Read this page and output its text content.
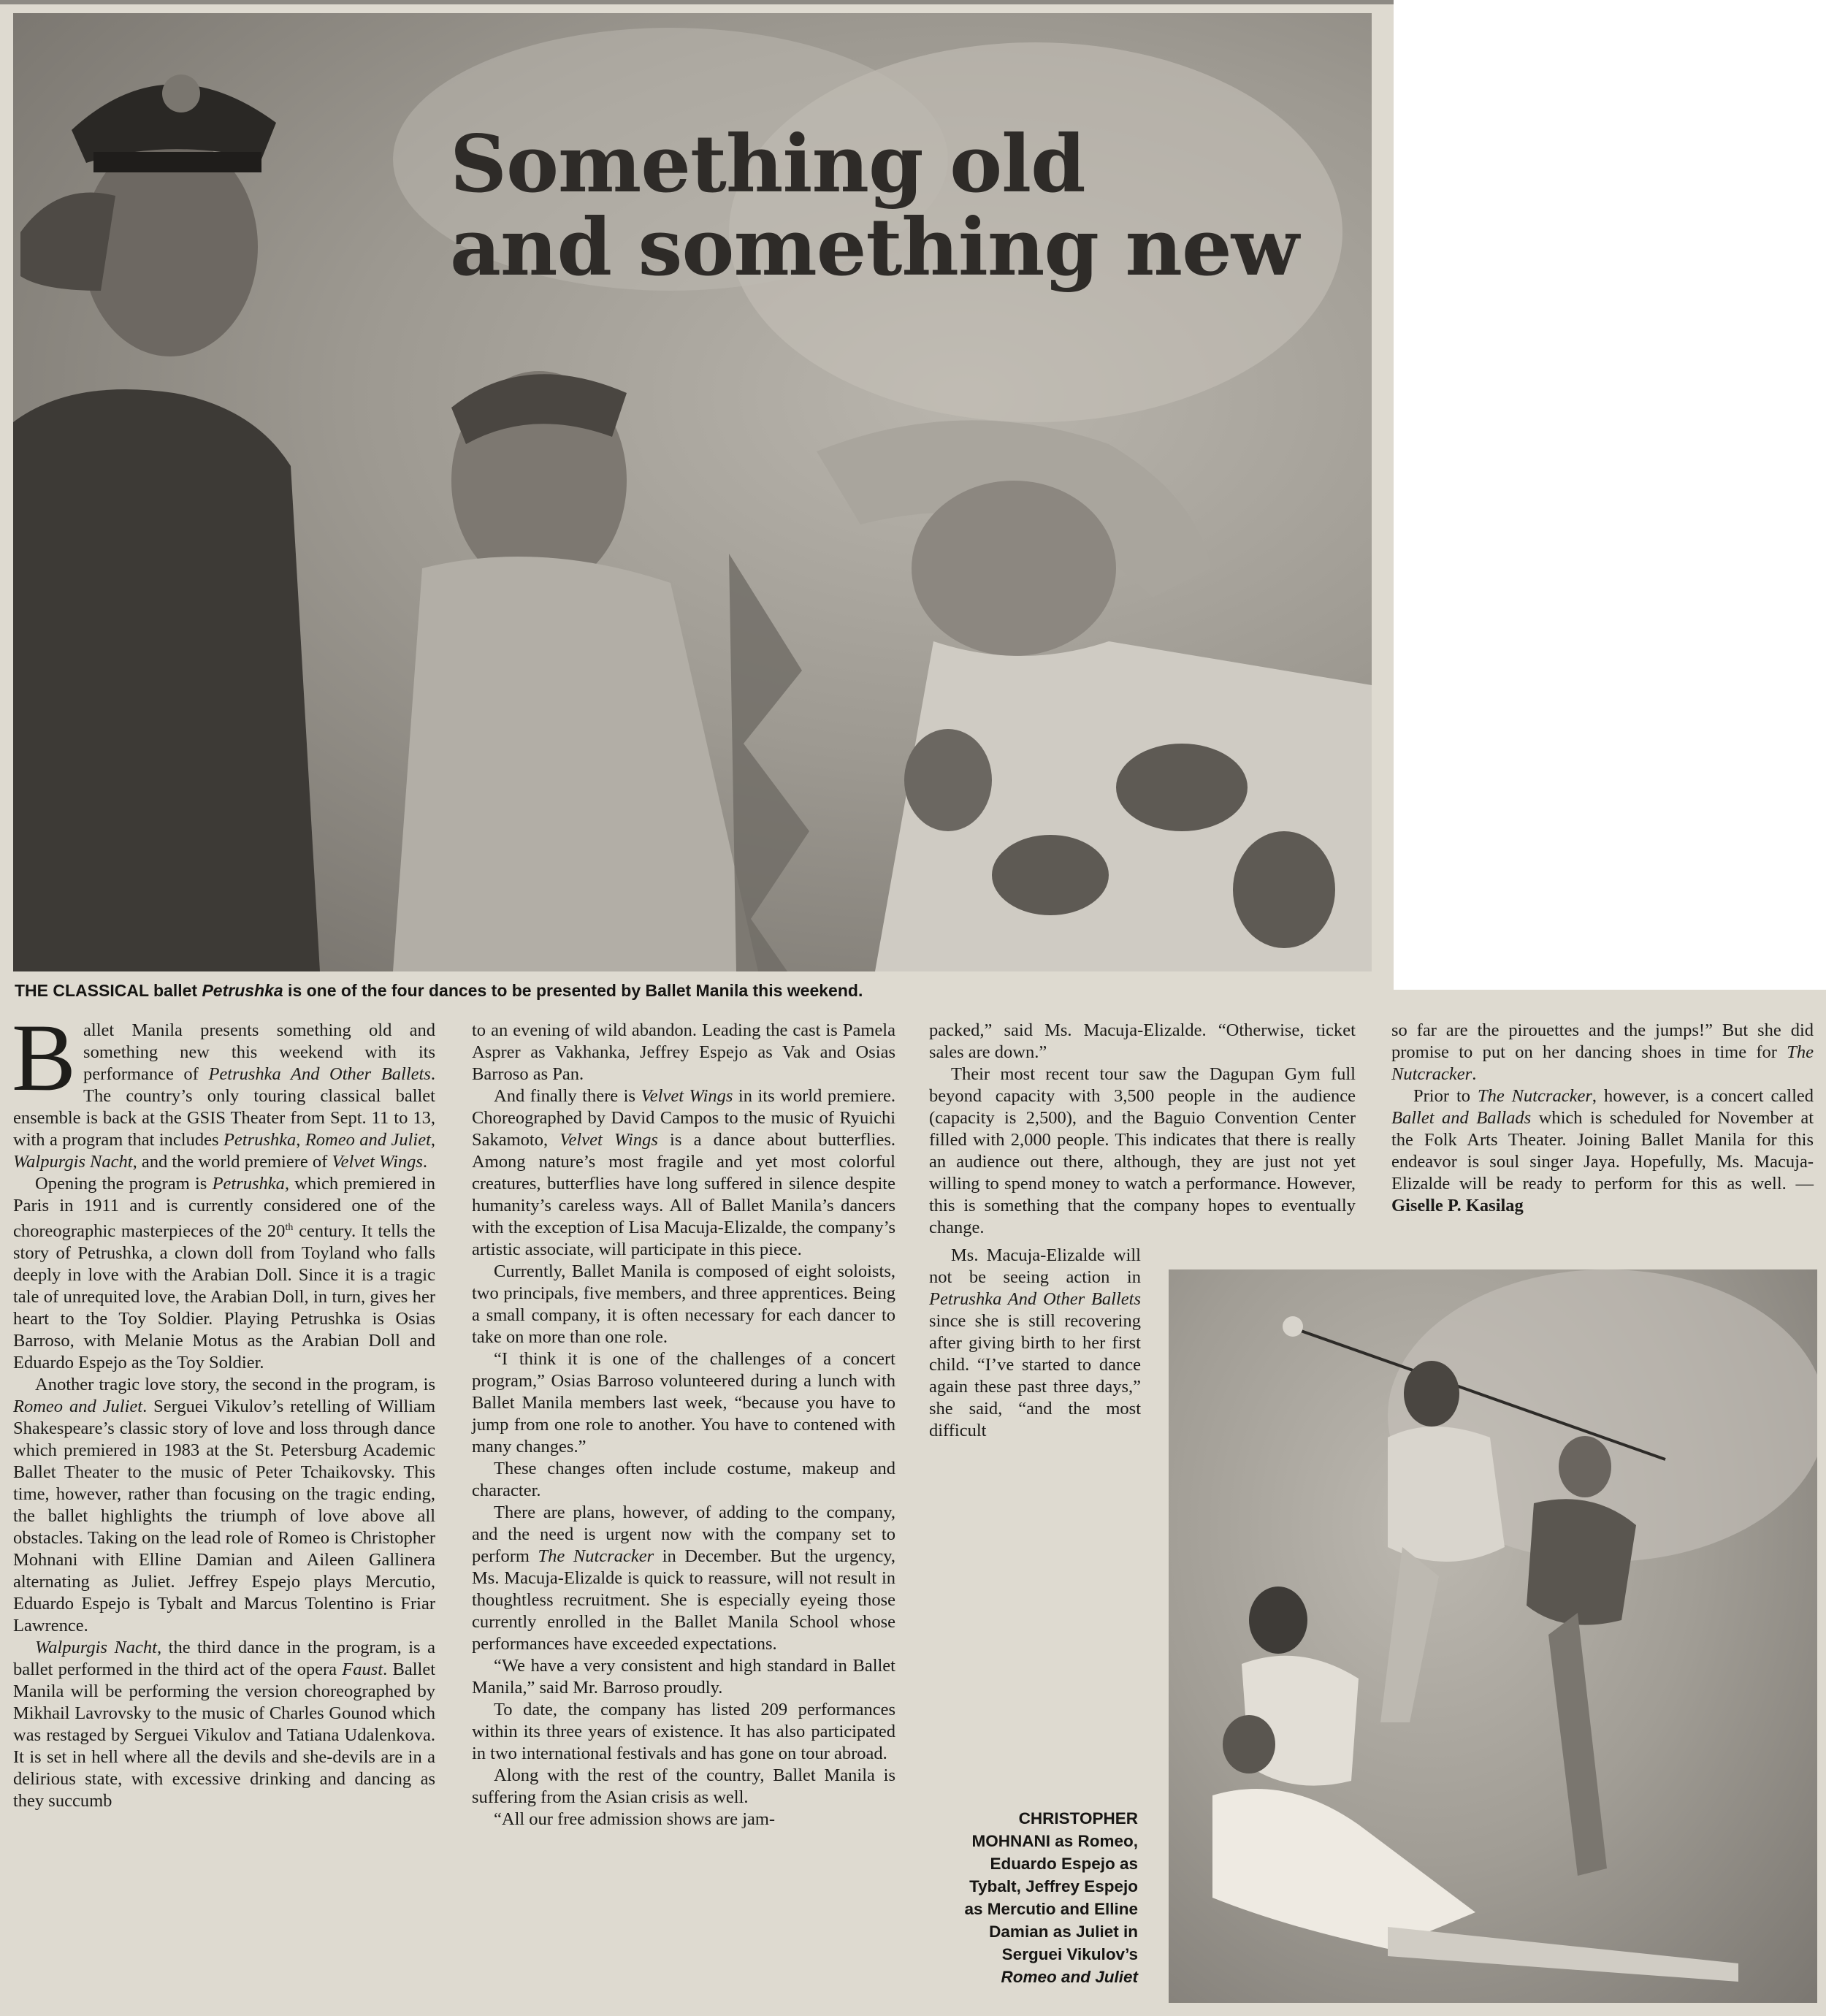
Something old
and something new
THE CLASSICAL ballet Petrushka is one of the four dances to be presented by Ballet Manila this weekend.

Ballet Manila presents something old and something new this weekend with its performance of Petrushka And Other Ballets. The country’s only touring classical ballet ensemble is back at the GSIS Theater from Sept. 11 to 13, with a program that includes Petrushka, Romeo and Juliet, Walpurgis Nacht, and the world premiere of Velvet Wings.

Opening the program is Petrushka, which premiered in Paris in 1911 and is currently considered one of the choreographic masterpieces of the 20th century. It tells the story of Petrushka, a clown doll from Toyland who falls deeply in love with the Arabian Doll. Since it is a tragic tale of unrequited love, the Arabian Doll, in turn, gives her heart to the Toy Soldier. Playing Petrushka is Osias Barroso, with Melanie Motus as the Arabian Doll and Eduardo Espejo as the Toy Soldier.

Another tragic love story, the second in the program, is Romeo and Juliet. Serguei Vikulov’s retelling of William Shakespeare’s classic story of love and loss through dance which premiered in 1983 at the St. Petersburg Academic Ballet Theater to the music of Peter Tchaikovsky. This time, however, rather than focusing on the tragic ending, the ballet highlights the triumph of love above all obstacles. Taking on the lead role of Romeo is Christopher Mohnani with Elline Damian and Aileen Gallinera alternating as Juliet. Jeffrey Espejo plays Mercutio, Eduardo Espejo is Tybalt and Marcus Tolentino is Friar Lawrence.

Walpurgis Nacht, the third dance in the program, is a ballet performed in the third act of the opera Faust. Ballet Manila will be performing the version choreographed by Mikhail Lavrovsky to the music of Charles Gounod which was restaged by Serguei Vikulov and Tatiana Udalenkova. It is set in hell where all the devils and she-devils are in a delirious state, with excessive drinking and dancing as they succumb

to an evening of wild abandon. Leading the cast is Pamela Asprer as Vakhanka, Jeffrey Espejo as Vak and Osias Barroso as Pan.

And finally there is Velvet Wings in its world premiere. Choreographed by David Campos to the music of Ryuichi Sakamoto, Velvet Wings is a dance about butterflies. Among nature’s most fragile and yet most colorful creatures, butterflies have long suffered in silence despite humanity’s careless ways. All of Ballet Manila’s dancers with the exception of Lisa Macuja-Elizalde, the company’s artistic associate, will participate in this piece.

Currently, Ballet Manila is composed of eight soloists, two principals, five members, and three apprentices. Being a small company, it is often necessary for each dancer to take on more than one role.

“I think it is one of the challenges of a concert program,” Osias Barroso volunteered during a lunch with Ballet Manila members last week, “because you have to jump from one role to another. You have to contened with many changes.”

These changes often include costume, makeup and character.

There are plans, however, of adding to the company, and the need is urgent now with the company set to perform The Nutcracker in December. But the urgency, Ms. Macuja-Elizalde is quick to reassure, will not result in thoughtless recruitment. She is especially eyeing those currently enrolled in the Ballet Manila School whose performances have exceeded expectations.

“We have a very consistent and high standard in Ballet Manila,” said Mr. Barroso proudly.

To date, the company has listed 209 performances within its three years of existence. It has also participated in two international festivals and has gone on tour abroad.

Along with the rest of the country, Ballet Manila is suffering from the Asian crisis as well.

“All our free admission shows are jam-

packed,” said Ms. Macuja-Elizalde. “Otherwise, ticket sales are down.”

Their most recent tour saw the Dagupan Gym full beyond capacity with 3,500 people in the audience (capacity is 2,500), and the Baguio Convention Center filled with 2,000 people. This indicates that there is really an audience out there, although, they are just not yet willing to spend money to watch a performance. However, this is something that the company hopes to eventually change.

Ms. Macuja-Elizalde will not be seeing action in Petrushka And Other Ballets since she is still recovering after giving birth to her first child. “I’ve started to dance again these past three days,” she said, “and the most difficult

so far are the pirouettes and the jumps!” But she did promise to put on her dancing shoes in time for The Nutcracker.

Prior to The Nutcracker, however, is a concert called Ballet and Ballads which is scheduled for November at the Folk Arts Theater. Joining Ballet Manila for this endeavor is soul singer Jaya. Hopefully, Ms. Macuja-Elizalde will be ready to perform for this as well. — Giselle P. Kasilag

CHRISTOPHER
MOHNANI as Romeo,
Eduardo Espejo as
Tybalt, Jeffrey Espejo
as Mercutio and Elline
Damian as Juliet in
Serguei Vikulov’s
Romeo and Juliet
